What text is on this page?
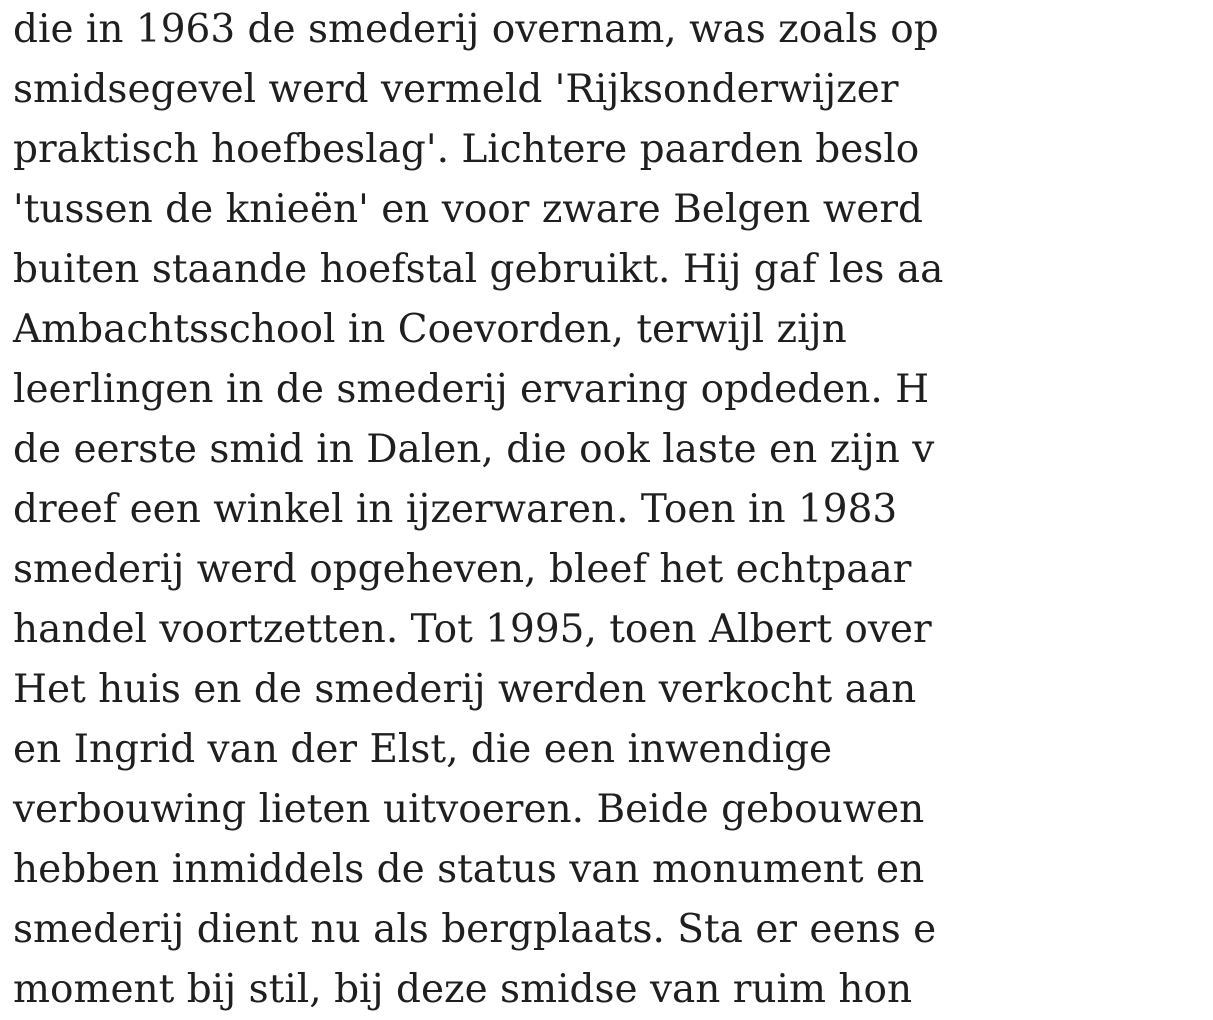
die in 1963 de smederij overnam, was zoals op
smidsegevel werd vermeld 'Rijksonderwijzer
praktisch hoefbeslag'. Lichtere paarden beslo
'tussen de knieën' en voor zware Belgen werd
buiten staande hoefstal gebruikt. Hij gaf les aa
Ambachtsschool in Coevorden, terwijl zijn
leerlingen in de smederij ervaring opdeden. H
de eerste smid in Dalen, die ook laste en zijn v
dreef een winkel in ijzerwaren. Toen in 1983
smederij werd opgeheven, bleef het echtpaar
handel voortzetten. Tot 1995, toen Albert over
Het huis en de smederij werden verkocht aan
en Ingrid van der Elst, die een inwendige
verbouwing lieten uitvoeren. Beide gebouwen
hebben inmiddels de status van monument en
smederij dient nu als bergplaats. Sta er eens e
moment bij stil, bij deze smidse van ruim hon
